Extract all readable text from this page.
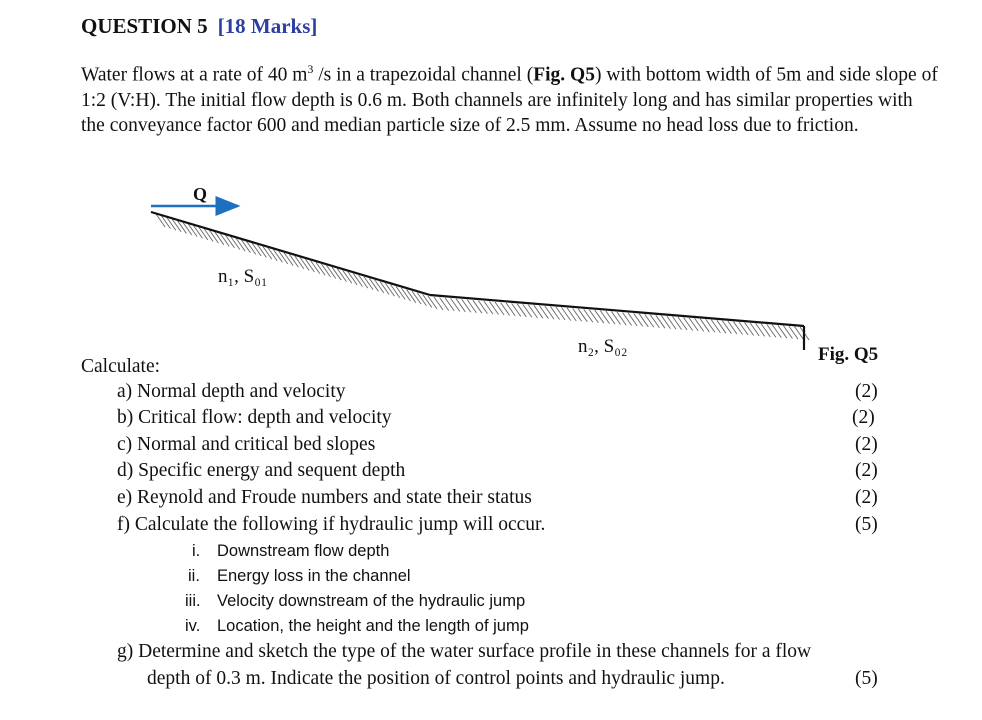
QUESTION 5 [18 Marks]
Water flows at a rate of 40 $m^3$ /s in a trapezoidal channel (Fig. Q5) with bottom width of 5m and side slope of 1:2 (V:H). The initial flow depth is 0.6 m. Both channels are infinitely long and has similar properties with the conveyance factor 600 and median particle size of 2.5 mm. Assume no head loss due to friction.
Q
n₁, S₀₁
n₂, S₀₂	Fig. Q5
Calculate:
a) Normal depth and velocity	(2)
b) Critical flow: depth and velocity	(2)
c) Normal and critical bed slopes	(2)
d) Specific energy and sequent depth	(2)
e) Reynold and Froude numbers and state their status	(2)
f) Calculate the following if hydraulic jump will occur.	(5)
i. Downstream flow depth
ii. Energy loss in the channel
iii. Velocity downstream of the hydraulic jump
iv. Location, the height and the length of jump
g) Determine and sketch the type of the water surface profile in these channels for a flow
depth of 0.3 m. Indicate the position of control points and hydraulic jump.	(5)
